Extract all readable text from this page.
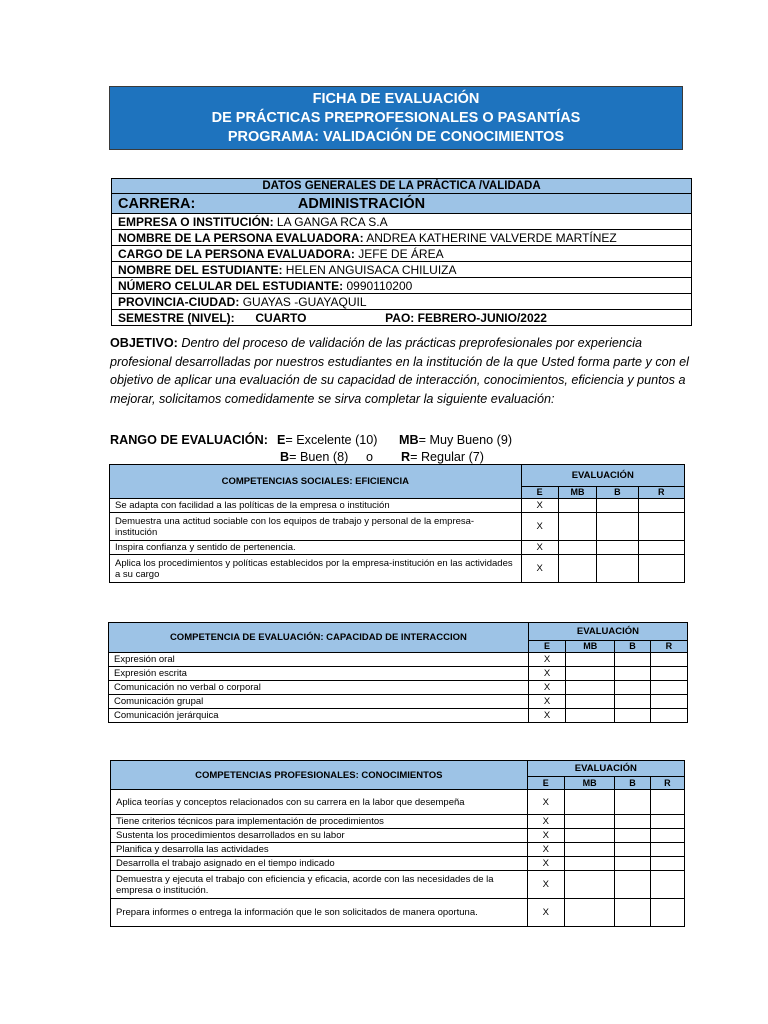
FICHA DE EVALUACIÓN
DE PRÁCTICAS PREPROFESIONALES O PASANTÍAS
PROGRAMA: VALIDACIÓN DE CONOCIMIENTOS
DATOS GENERALES DE LA PRÁCTICA /VALIDADA
CARRERA:	ADMINISTRACIÓN
EMPRESA O INSTITUCIÓN: LA GANGA RCA S.A
NOMBRE DE LA PERSONA EVALUADORA: ANDREA KATHERINE VALVERDE MARTÍNEZ
CARGO DE LA PERSONA EVALUADORA: JEFE DE ÁREA
NOMBRE DEL ESTUDIANTE: HELEN ANGUISACA CHILUIZA
NÚMERO CELULAR DEL ESTUDIANTE: 0990110200
PROVINCIA-CIUDAD: GUAYAS -GUAYAQUIL
SEMESTRE (NIVEL): CUARTO	PAO: FEBRERO-JUNIO/2022
OBJETIVO: Dentro del proceso de validación de las prácticas preprofesionales por experiencia profesional desarrolladas por nuestros estudiantes en la institución de la que Usted forma parte y con el objetivo de aplicar una evaluación de su capacidad de interacción, conocimientos, eficiencia y puntos a mejorar, solicitamos comedidamente se sirva completar la siguiente evaluación:
RANGO DE EVALUACIÓN: E= Excelente (10) MB= Muy Bueno (9)
B= Buen (8) o R= Regular (7)
COMPETENCIAS SOCIALES: EFICIENCIA	EVALUACIÓN			
	E	MB	B	R
Se adapta con facilidad a las políticas de la empresa o institución	X			
Demuestra una actitud sociable con los equipos de trabajo y personal de la empresa-institución	X			
Inspira confianza y sentido de pertenencia.	X			
Aplica los procedimientos y políticas establecidos por la empresa-institución en las actividades a su cargo	X			
COMPETENCIA DE EVALUACIÓN: CAPACIDAD DE INTERACCION	EVALUACIÓN			
	E	MB	B	R
Expresión oral	X			
Expresión escrita	X			
Comunicación no verbal o corporal	X			
Comunicación grupal	X			
Comunicación jerárquica	X			
COMPETENCIAS PROFESIONALES: CONOCIMIENTOS	EVALUACIÓN			
	E	MB	B	R
Aplica teorías y conceptos relacionados con su carrera en la labor que desempeña	X			
Tiene criterios técnicos para implementación de procedimientos	X			
Sustenta los procedimientos desarrollados en su labor	X			
Planifica y desarrolla las actividades	X			
Desarrolla el trabajo asignado en el tiempo indicado	X			
Demuestra y ejecuta el trabajo con eficiencia y eficacia, acorde con las necesidades de la empresa o institución.	X			
Prepara informes o entrega la información que le son solicitados de manera oportuna.	X			
